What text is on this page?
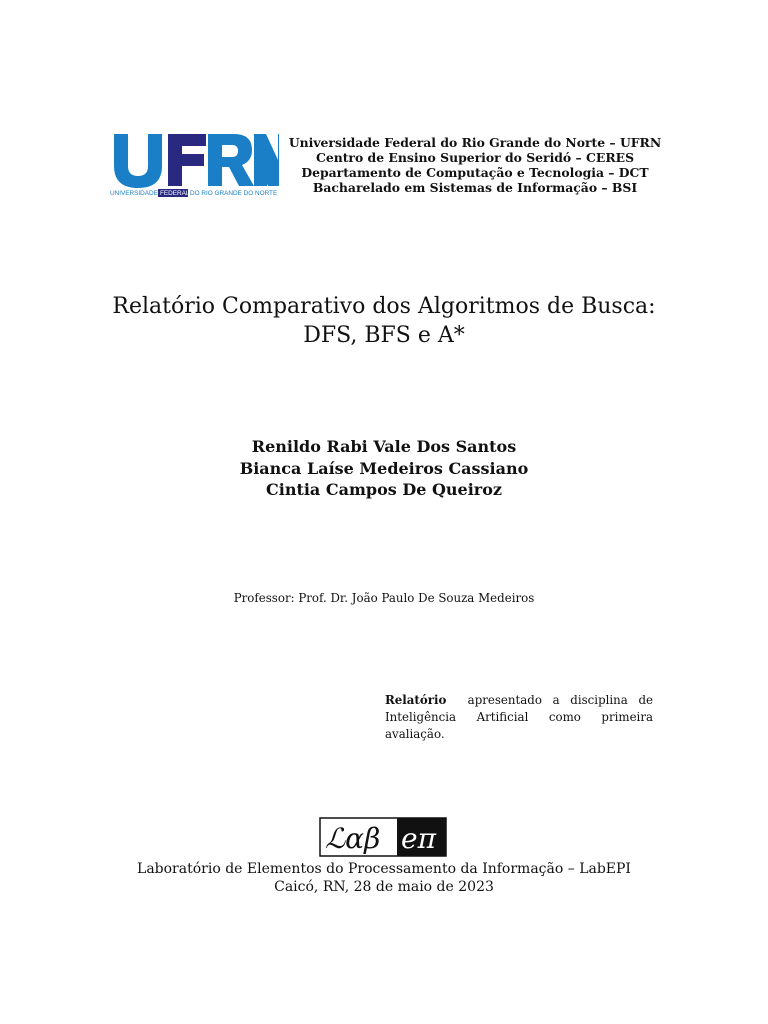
UNIVERSIDADE FEDERAL DO RIO GRANDE DO NORTE
Universidade Federal do Rio Grande do Norte – UFRN
Centro de Ensino Superior do Seridó – CERES
Departamento de Computação e Tecnologia – DCT
Bacharelado em Sistemas de Informação – BSI
Relatório Comparativo dos Algoritmos de Busca:
DFS, BFS e A*
Renildo Rabi Vale Dos Santos
Bianca Laíse Medeiros Cassiano
Cintia Campos De Queiroz
Professor: Prof. Dr. João Paulo De Souza Medeiros
Relatório apresentado a disciplina de Inteligência Artificial como primeira avaliação.
ℒαβ eπ
Laboratório de Elementos do Processamento da Informação – LabEPI
Caicó, RN, 28 de maio de 2023
